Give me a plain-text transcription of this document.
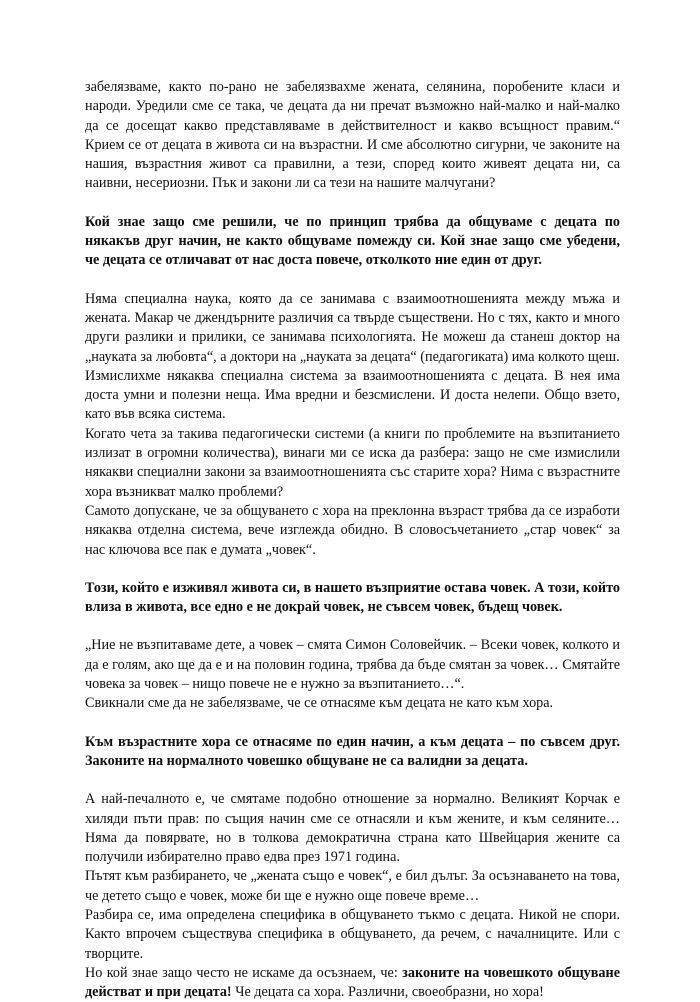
забелязваме, както по-рано не забелязвахме жената, селянина, поробените класи и народи. Уредили сме се така, че децата да ни пречат възможно най-малко и най-малко да се досещат какво представляваме в действителност и какво всъщност правим.“ Крием се от децата в живота си на възрастни. И сме абсолютно сигурни, че законите на нашия, възрастния живот са правилни, а тези, според които живеят децата ни, са наивни, несериозни. Пък и закони ли са тези на нашите малчугани?

Кой знае защо сме решили, че по принцип трябва да общуваме с децата по някакъв друг начин, не както общуваме помежду си. Кой знае защо сме убедени, че децата се отличават от нас доста повече, отколкото ние един от друг.

Няма специална наука, която да се занимава с взаимоотношенията между мъжа и жената. Макар че джендърните различия са твърде съществени. Но с тях, както и много други разлики и прилики, се занимава психологията. Не можеш да станеш доктор на „науката за любовта“, а доктори на „науката за децата“ (педагогиката) има колкото щеш.

Измислихме някаква специална система за взаимоотношенията с децата. В нея има доста умни и полезни неща. Има вредни и безсмислени. И доста нелепи. Общо взето, като във всяка система.

Когато чета за такива педагогически системи (а книги по проблемите на възпитанието излизат в огромни количества), винаги ми се иска да разбера: защо не сме измислили някакви специални закони за взаимоотношенията със старите хора? Нима с възрастните хора възникват малко проблеми?

Самото допускане, че за общуването с хора на преклонна възраст трябва да се изработи някаква отделна система, вече изглежда обидно. В словосъчетанието „стар човек“ за нас ключова все пак е думата „човек“.

Този, който е изживял живота си, в нашето възприятие остава човек. А този, който влиза в живота, все едно е не докрай човек, не съвсем човек, бъдещ човек.

„Ние не възпитаваме дете, а човек – смята Симон Соловейчик. – Всеки човек, колкото и да е голям, ако ще да е и на половин година, трябва да бъде смятан за човек… Смятайте човека за човек – нищо повече не е нужно за възпитанието…“.

Свикнали сме да не забелязваме, че се отнасяме към децата не като към хора.

Към възрастните хора се отнасяме по един начин, а към децата – по съвсем друг. Законите на нормалното човешко общуване не са валидни за децата.

А най-печалното е, че смятаме подобно отношение за нормално. Великият Корчак е хиляди пъти прав: по същия начин сме се отнасяли и към жените, и към селяните… Няма да повярвате, но в толкова демократична страна като Швейцария жените са получили избирателно право едва през 1971 година.

Пътят към разбирането, че „жената също е човек“, е бил дълъг. За осъзнаването на това, че детето също е човек, може би ще е нужно още повече време…

Разбира се, има определена специфика в общуването тъкмо с децата. Никой не спори. Както впрочем съществува специфика в общуването, да речем, с началниците. Или с творците.

Но кой знае защо често не искаме да осъзнаем, че: законите на човешкото общуване действат и при децата! Че децата са хора. Различни, своеобразни, но хора!
